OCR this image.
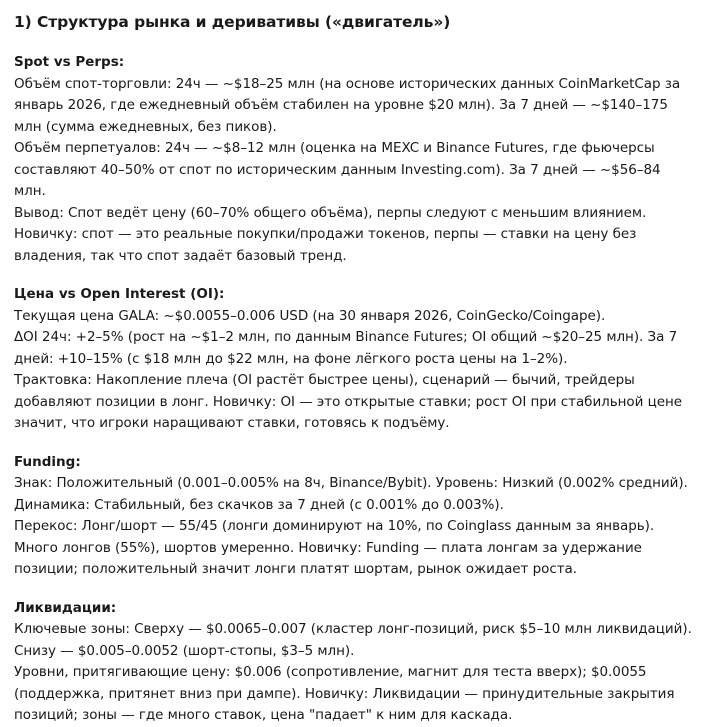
1) Структура рынка и деривативы («двигатель»)
Spot vs Perps:

Объём спот-торговли: 24ч — ~$18–25 млн (на основе исторических данных CoinMarketCap за январь 2026, где ежедневный объём стабилен на уровне $20 млн). За 7 дней — ~$140–175 млн (сумма ежедневных, без пиков).

Объём перпетуалов: 24ч — ~$8–12 млн (оценка на MEXC и Binance Futures, где фьючерсы составляют 40–50% от спот по историческим данным Investing.com). За 7 дней — ~$56–84 млн.

Вывод: Спот ведёт цену (60–70% общего объёма), перпы следуют с меньшим влиянием. Новичку: спот — это реальные покупки/продажи токенов, перпы — ставки на цену без владения, так что спот задаёт базовый тренд.

Цена vs Open Interest (OI):

Текущая цена GALA: ~$0.0055–0.006 USD (на 30 января 2026, CoinGecko/Coingape).

ΔOI 24ч: +2–5% (рост на ~$1–2 млн, по данным Binance Futures; OI общий ~$20–25 млн). За 7 дней: +10–15% (с $18 млн до $22 млн, на фоне лёгкого роста цены на 1–2%).

Трактовка: Накопление плеча (OI растёт быстрее цены), сценарий — бычий, трейдеры добавляют позиции в лонг. Новичку: OI — это открытые ставки; рост OI при стабильной цене значит, что игроки наращивают ставки, готовясь к подъёму.

Funding:

Знак: Положительный (0.001–0.005% на 8ч, Binance/Bybit). Уровень: Низкий (0.002% средний). Динамика: Стабильный, без скачков за 7 дней (с 0.001% до 0.003%).

Перекос: Лонг/шорт — 55/45 (лонги доминируют на 10%, по Coinglass данным за январь). Много лонгов (55%), шортов умеренно. Новичку: Funding — плата лонгам за удержание позиции; положительный значит лонги платят шортам, рынок ожидает роста.

Ликвидации:

Ключевые зоны: Сверху — $0.0065–0.007 (кластер лонг-позиций, риск $5–10 млн ликвидаций). Снизу — $0.005–0.0052 (шорт-стопы, $3–5 млн).

Уровни, притягивающие цену: $0.006 (сопротивление, магнит для теста вверх); $0.0055 (поддержка, притянет вниз при дампе). Новичку: Ликвидации — принудительные закрытия позиций; зоны — где много ставок, цена "падает" к ним для каскада.
